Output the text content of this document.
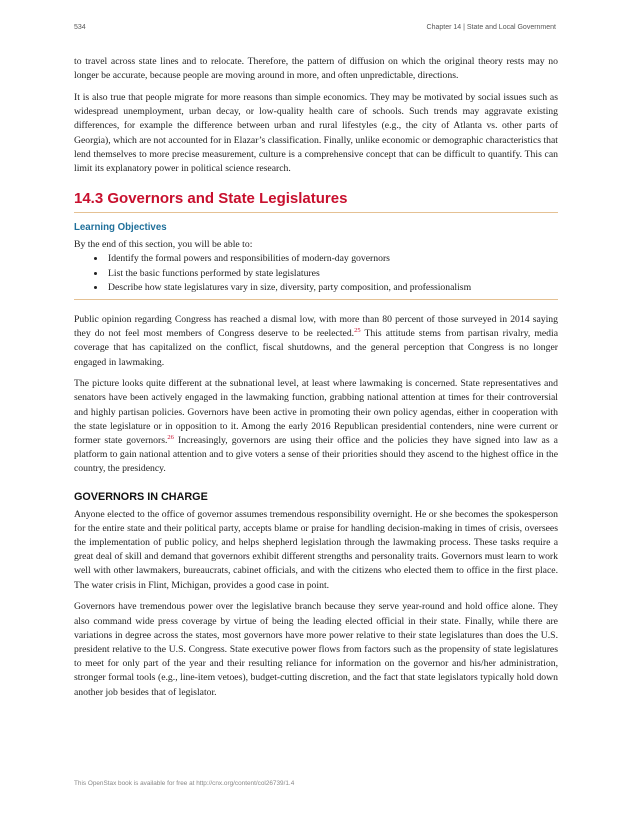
534	Chapter 14 | State and Local Government

to travel across state lines and to relocate. Therefore, the pattern of diffusion on which the original theory rests may no longer be accurate, because people are moving around in more, and often unpredictable, directions.

It is also true that people migrate for more reasons than simple economics. They may be motivated by social issues such as widespread unemployment, urban decay, or low-quality health care of schools. Such trends may aggravate existing differences, for example the difference between urban and rural lifestyles (e.g., the city of Atlanta vs. other parts of Georgia), which are not accounted for in Elazar’s classification. Finally, unlike economic or demographic characteristics that lend themselves to more precise measurement, culture is a comprehensive concept that can be difficult to quantify. This can limit its explanatory power in political science research.

14.3 Governors and State Legislatures
Learning Objectives

By the end of this section, you will be able to:

• Identify the formal powers and responsibilities of modern-day governors
• List the basic functions performed by state legislatures
• Describe how state legislatures vary in size, diversity, party composition, and professionalism

Public opinion regarding Congress has reached a dismal low, with more than 80 percent of those surveyed in 2014 saying they do not feel most members of Congress deserve to be reelected.$^{25}$ This attitude stems from partisan rivalry, media coverage that has capitalized on the conflict, fiscal shutdowns, and the general perception that Congress is no longer engaged in lawmaking.

The picture looks quite different at the subnational level, at least where lawmaking is concerned. State representatives and senators have been actively engaged in the lawmaking function, grabbing national attention at times for their controversial and highly partisan policies. Governors have been active in promoting their own policy agendas, either in cooperation with the state legislature or in opposition to it. Among the early 2016 Republican presidential contenders, nine were current or former state governors.$^{26}$ Increasingly, governors are using their office and the policies they have signed into law as a platform to gain national attention and to give voters a sense of their priorities should they ascend to the highest office in the country, the presidency.

GOVERNORS IN CHARGE

Anyone elected to the office of governor assumes tremendous responsibility overnight. He or she becomes the spokesperson for the entire state and their political party, accepts blame or praise for handling decision-making in times of crisis, oversees the implementation of public policy, and helps shepherd legislation through the lawmaking process. These tasks require a great deal of skill and demand that governors exhibit different strengths and personality traits. Governors must learn to work well with other lawmakers, bureaucrats, cabinet officials, and with the citizens who elected them to office in the first place. The water crisis in Flint, Michigan, provides a good case in point.

Governors have tremendous power over the legislative branch because they serve year-round and hold office alone. They also command wide press coverage by virtue of being the leading elected official in their state. Finally, while there are variations in degree across the states, most governors have more power relative to their state legislatures than does the U.S. president relative to the U.S. Congress. State executive power flows from factors such as the propensity of state legislatures to meet for only part of the year and their resulting reliance for information on the governor and his/her administration, stronger formal tools (e.g., line-item vetoes), budget-cutting discretion, and the fact that state legislators typically hold down another job besides that of legislator.

This OpenStax book is available for free at http://cnx.org/content/col26739/1.4
